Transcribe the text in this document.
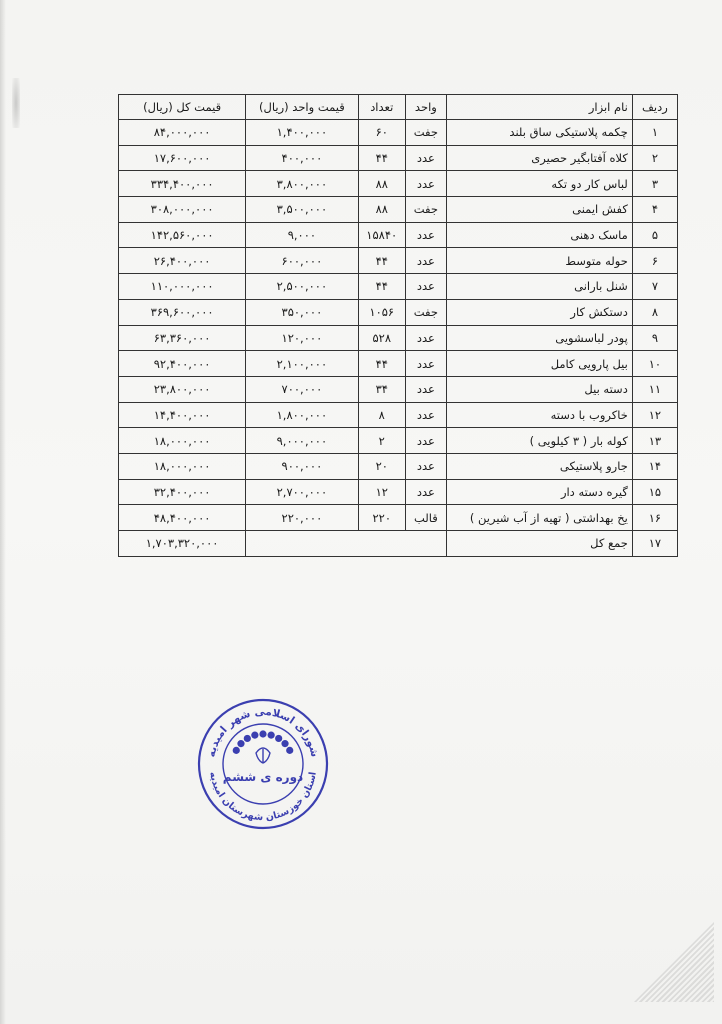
ردیف	نام ابزار	واحد	تعداد	قیمت واحد (ریال)	قیمت کل (ریال)
۱	چکمه پلاستیکی ساق بلند	جفت	۶۰	۱,۴۰۰,۰۰۰	۸۴,۰۰۰,۰۰۰
۲	کلاه آفتابگیر حصیری	عدد	۴۴	۴۰۰,۰۰۰	۱۷,۶۰۰,۰۰۰
۳	لباس کار دو تکه	عدد	۸۸	۳,۸۰۰,۰۰۰	۳۳۴,۴۰۰,۰۰۰
۴	کفش ایمنی	جفت	۸۸	۳,۵۰۰,۰۰۰	۳۰۸,۰۰۰,۰۰۰
۵	ماسک دهنی	عدد	۱۵۸۴۰	۹,۰۰۰	۱۴۲,۵۶۰,۰۰۰
۶	حوله متوسط	عدد	۴۴	۶۰۰,۰۰۰	۲۶,۴۰۰,۰۰۰
۷	شنل بارانی	عدد	۴۴	۲,۵۰۰,۰۰۰	۱۱۰,۰۰۰,۰۰۰
۸	دستکش کار	جفت	۱۰۵۶	۳۵۰,۰۰۰	۳۶۹,۶۰۰,۰۰۰
۹	پودر لباسشویی	عدد	۵۲۸	۱۲۰,۰۰۰	۶۳,۳۶۰,۰۰۰
۱۰	بیل پارویی کامل	عدد	۴۴	۲,۱۰۰,۰۰۰	۹۲,۴۰۰,۰۰۰
۱۱	دسته بیل	عدد	۳۴	۷۰۰,۰۰۰	۲۳,۸۰۰,۰۰۰
۱۲	خاکروب با دسته	عدد	۸	۱,۸۰۰,۰۰۰	۱۴,۴۰۰,۰۰۰
۱۳	کوله بار ( ۳ کیلویی )	عدد	۲	۹,۰۰۰,۰۰۰	۱۸,۰۰۰,۰۰۰
۱۴	جارو پلاستیکی	عدد	۲۰	۹۰۰,۰۰۰	۱۸,۰۰۰,۰۰۰
۱۵	گیره دسته دار	عدد	۱۲	۲,۷۰۰,۰۰۰	۳۲,۴۰۰,۰۰۰
۱۶	یخ بهداشتی ( تهیه از آب شیرین )	قالب	۲۲۰	۲۲۰,۰۰۰	۴۸,۴۰۰,۰۰۰
۱۷	جمع کل				۱,۷۰۳,۳۲۰,۰۰۰
شورای اسلامی شهر امیدیه
استان خوزستان شهرستان امیدیه
دوره ی ششم
